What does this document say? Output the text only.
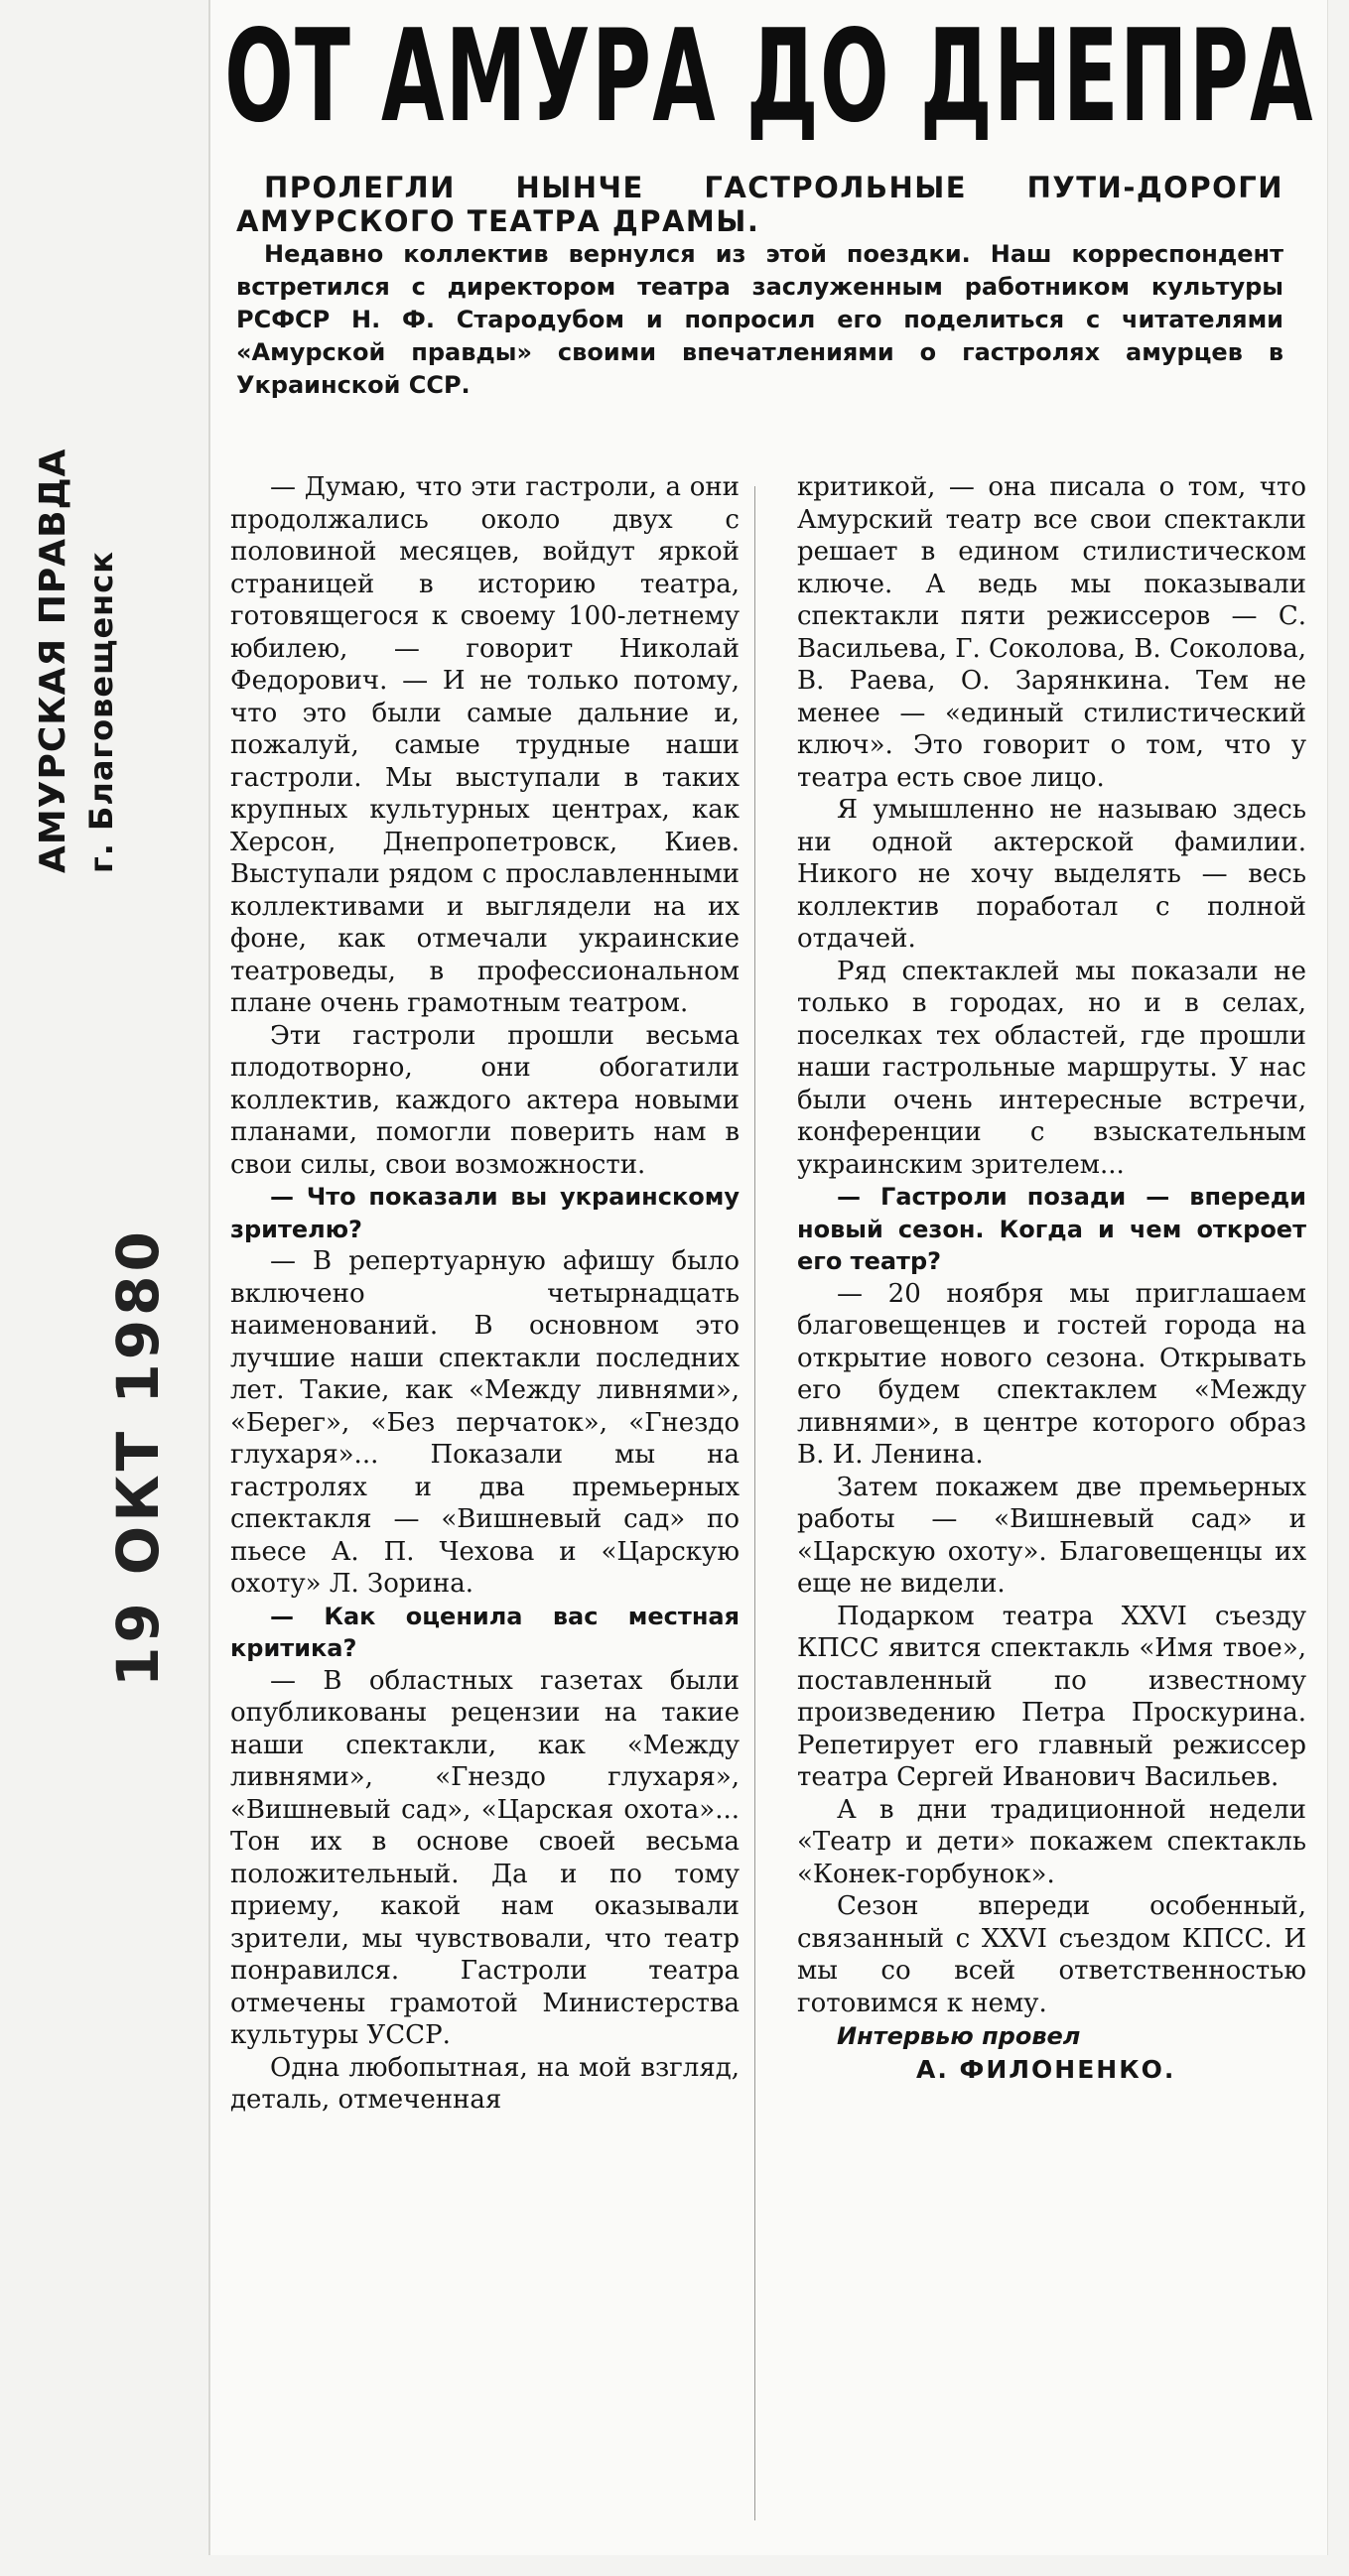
АМУРСКАЯ ПРАВДА г. Благовещенск
19 ОКТ 1980
ОТ АМУРА ДО ДНЕПРА

ПРОЛЕГЛИ НЫНЧЕ ГАСТРОЛЬНЫЕ ПУТИ-ДОРОГИ АМУРСКОГО ТЕАТРА ДРАМЫ.

Недавно коллектив вернулся из этой поездки. Наш корреспондент встретился с директором театра заслуженным работником культуры РСФСР Н. Ф. Стародубом и попросил его поделиться с читателями «Амурской правды» своими впечатлениями о гастролях амурцев в Украинской ССР.

— Думаю, что эти гастроли, а они продолжались около двух с половиной месяцев, войдут яркой страницей в историю театра, готовящегося к своему 100-летнему юбилею, — говорит Николай Федорович. — И не только потому, что это были самые дальние и, пожалуй, самые трудные наши гастроли. Мы выступали в таких крупных культурных центрах, как Херсон, Днепропетровск, Киев. Выступали рядом с прославленными коллективами и выглядели на их фоне, как отмечали украинские театроведы, в профессиональном плане очень грамотным театром.

Эти гастроли прошли весьма плодотворно, они обогатили коллектив, каждого актера новыми планами, помогли поверить нам в свои силы, свои возможности.

— Что показали вы украинскому зрителю?

— В репертуарную афишу было включено четырнадцать наименований. В основном это лучшие наши спектакли последних лет. Такие, как «Между ливнями», «Берег», «Без перчаток», «Гнездо глухаря»... Показали мы на гастролях и два премьерных спектакля — «Вишневый сад» по пьесе А. П. Чехова и «Царскую охоту» Л. Зорина.

— Как оценила вас местная критика?

— В областных газетах были опубликованы рецензии на такие наши спектакли, как «Между ливнями», «Гнездо глухаря», «Вишневый сад», «Царская охота»... Тон их в основе своей весьма положительный. Да и по тому приему, какой нам оказывали зрители, мы чувствовали, что театр понравился. Гастроли театра отмечены грамотой Министерства культуры УССР.

Одна любопытная, на мой взгляд, деталь, отмеченная

критикой, — она писала о том, что Амурский театр все свои спектакли решает в едином стилистическом ключе. А ведь мы показывали спектакли пяти режиссеров — С. Васильева, Г. Соколова, В. Соколова, В. Раева, О. Зарянкина. Тем не менее — «единый стилистический ключ». Это говорит о том, что у театра есть свое лицо.

Я умышленно не называю здесь ни одной актерской фамилии. Никого не хочу выделять — весь коллектив поработал с полной отдачей.

Ряд спектаклей мы показали не только в городах, но и в селах, поселках тех областей, где прошли наши гастрольные маршруты. У нас были очень интересные встречи, конференции с взыскательным украинским зрителем...

— Гастроли позади — впереди новый сезон. Когда и чем откроет его театр?

— 20 ноября мы приглашаем благовещенцев и гостей города на открытие нового сезона. Открывать его будем спектаклем «Между ливнями», в центре которого образ В. И. Ленина.

Затем покажем две премьерных работы — «Вишневый сад» и «Царскую охоту». Благовещенцы их еще не видели.

Подарком театра XXVI съезду КПСС явится спектакль «Имя твое», поставленный по известному произведению Петра Проскурина. Репетирует его главный режиссер театра Сергей Иванович Васильев.

А в дни традиционной недели «Театр и дети» покажем спектакль «Конек-горбунок».

Сезон впереди особенный, связанный с XXVI съездом КПСС. И мы со всей ответственностью готовимся к нему.

Интервью провел
А. ФИЛОНЕНКО.
